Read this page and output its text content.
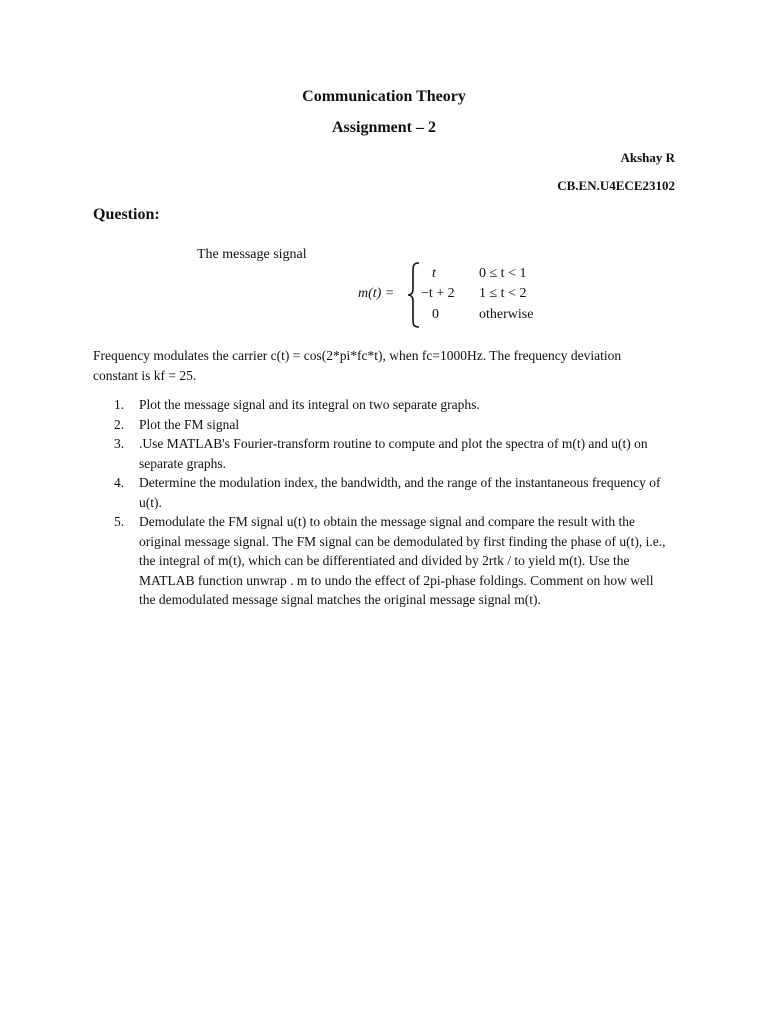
Communication Theory
Assignment – 2
Akshay R
CB.EN.U4ECE23102
Question:
The message signal
m(t) =
t	0 ≤ t < 1
−t + 2 1 ≤ t < 2
0	otherwise
Frequency modulates the carrier c(t) = cos(2*pi*fc*t), when fc=1000Hz. The frequency deviation constant is kf = 25.
1. Plot the message signal and its integral on two separate graphs.
2. Plot the FM signal
3. .Use MATLAB's Fourier-transform routine to compute and plot the spectra of m(t) and u(t) on separate graphs.
4. Determine the modulation index, the bandwidth, and the range of the instantaneous frequency of u(t).
5. Demodulate the FM signal u(t) to obtain the message signal and compare the result with the original message signal. The FM signal can be demodulated by first finding the phase of u(t), i.e., the integral of m(t), which can be differentiated and divided by 2rtk / to yield m(t). Use the MATLAB function unwrap . m to undo the effect of 2pi-phase foldings. Comment on how well the demodulated message signal matches the original message signal m(t).
